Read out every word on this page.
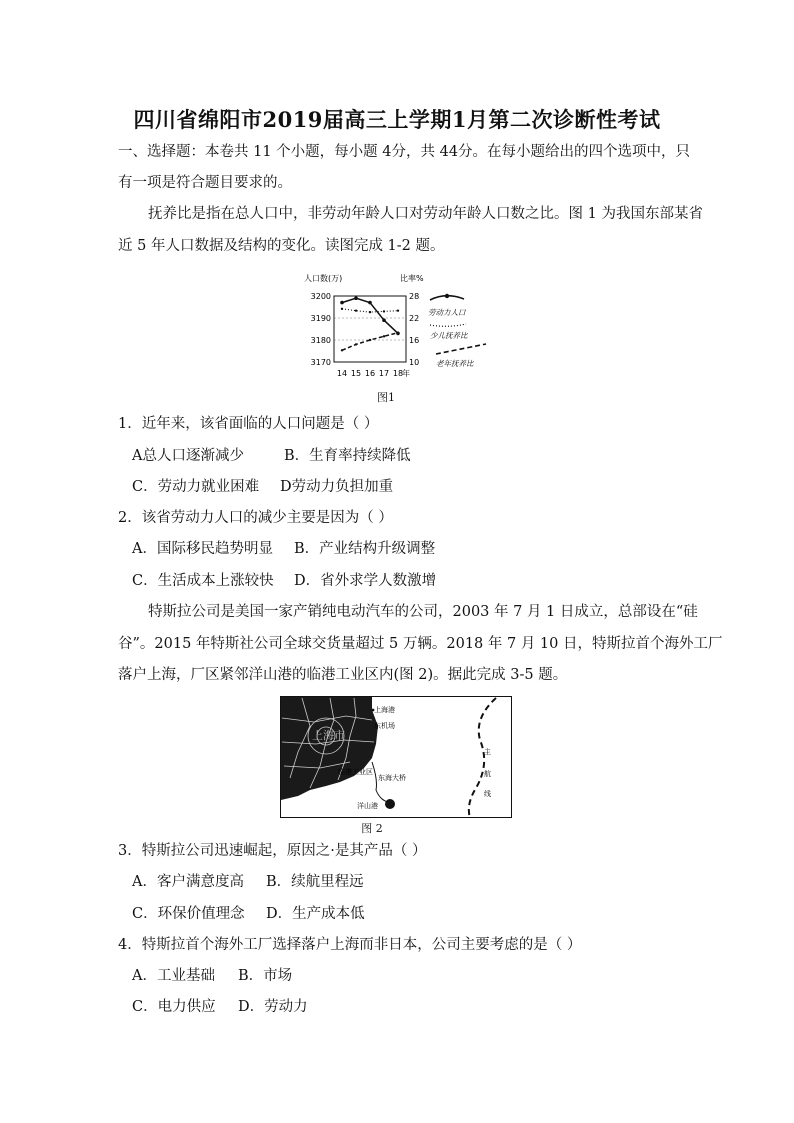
四川省绵阳市2019届高三上学期1月第二次诊断性考试
一、选择题：本卷共 11 个小题，每小题 4分，共 44分。在每小题给出的四个选项中，只
有一项是符合题目要求的。
抚养比是指在总人口中，非劳动年龄人口对劳动年龄人口数之比。图 1 为我国东部某省
近 5 年人口数据及结构的变化。读图完成 1-2 题。
人口数(万)	比率%
3170
3180
3190
3200
10
16
22
28
14 15 16 17 18
年
劳动力人口
少儿抚养比
老年抚养比
图1
1．近年来，该省面临的人口问题是（ ）
A总人口逐渐减少	B．生育率持续降低
C．劳动力就业困难 D劳动力负担加重
2．该省劳动力人口的减少主要是因为（ ）
A．国际移民趋势明显 B．产业结构升级调整
C．生活成本上涨较快 D．省外求学人数激增
特斯拉公司是美国一家产销纯电动汽车的公司，2003 年 7 月 1 日成立，总部设在“硅
谷”。2015 年特斯社公司全球交货量超过 5 万辆。2018 年 7 月 10 日，特斯拉首个海外工厂
落户上海，厂区紧邻洋山港的临港工业区内(图 2)。据此完成 3-5 题。
上海市
上海港
东机场
临港工业区
东海大桥
洋山港
主
航
线
图 2
3．特斯拉公司迅速崛起，原因之·是其产品（ ）
A．客户满意度高 B．续航里程远
C．环保价值理念 D．生产成本低
4．特斯拉首个海外工厂选择落户上海而非日本，公司主要考虑的是（ ）
A．工业基础 B．市场
C．电力供应 D．劳动力
